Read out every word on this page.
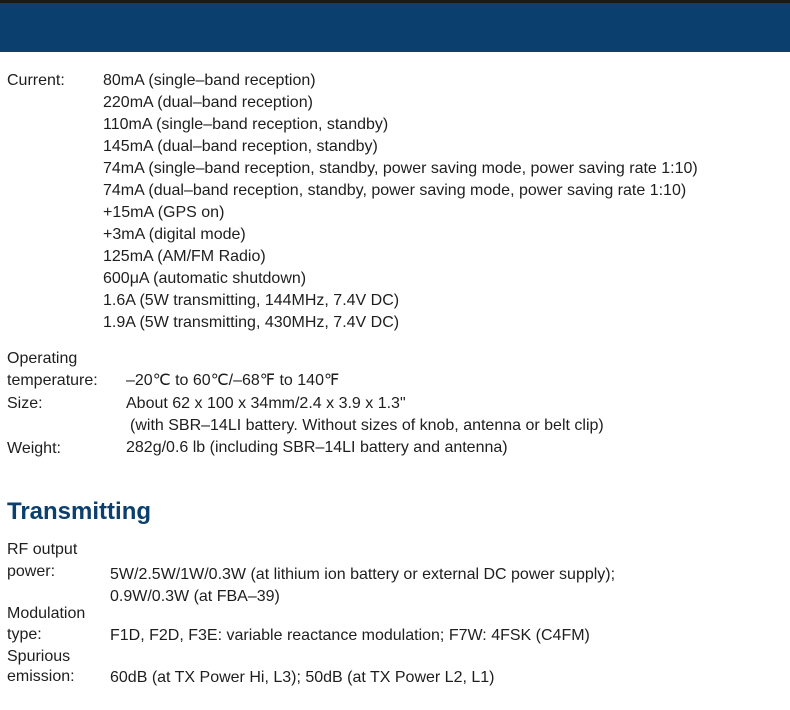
Current: 80mA (single–band reception)
220mA (dual–band reception)
110mA (single–band reception, standby)
145mA (dual–band reception, standby)
74mA (single–band reception, standby, power saving mode, power saving rate 1:10)
74mA (dual–band reception, standby, power saving mode, power saving rate 1:10)
+15mA (GPS on)
+3mA (digital mode)
125mA (AM/FM Radio)
600μA (automatic shutdown)
1.6A (5W transmitting, 144MHz, 7.4V DC)
1.9A (5W transmitting, 430MHz, 7.4V DC)
Operating
temperature: –20℃ to 60℃/–68℉ to 140℉
Size:	About 62 x 100 x 34mm/2.4 x 3.9 x 1.3"
(with SBR–14LI battery. Without sizes of knob, antenna or belt clip)
Weight:	282g/0.6 lb (including SBR–14LI battery and antenna)
Transmitting
RF output
power:	5W/2.5W/1W/0.3W (at lithium ion battery or external DC power supply);
0.9W/0.3W (at FBA–39)
Modulation
type:	F1D, F2D, F3E: variable reactance modulation; F7W: 4FSK (C4FM)
Spurious
emission: 60dB (at TX Power Hi, L3); 50dB (at TX Power L2, L1)
